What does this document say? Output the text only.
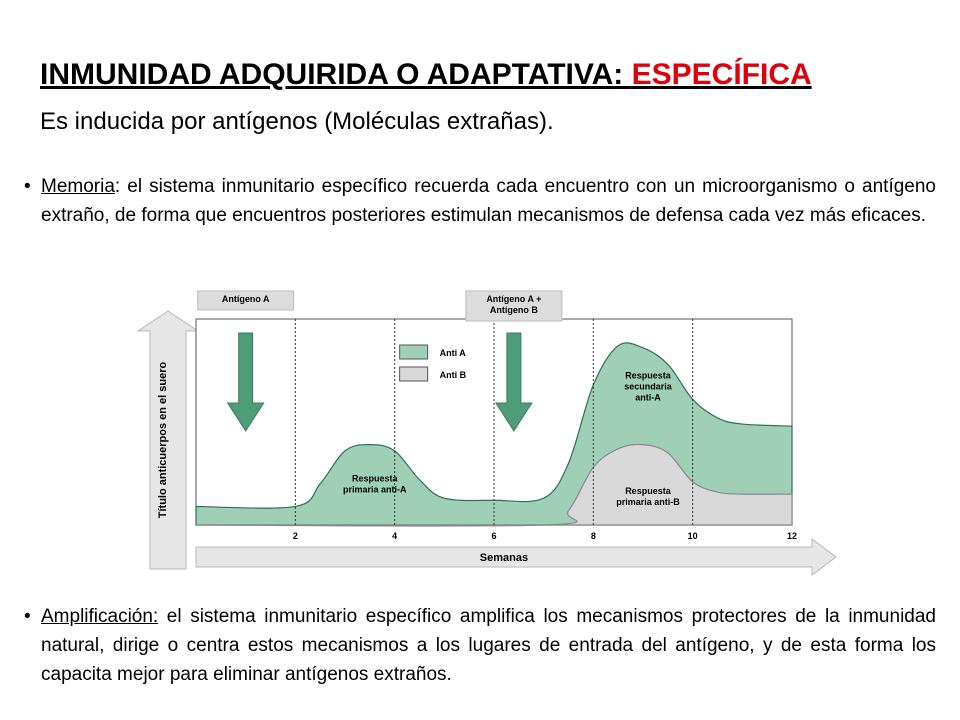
INMUNIDAD ADQUIRIDA O ADAPTATIVA: ESPECÍFICA
Es inducida por antígenos (Moléculas extrañas).
• Memoria: el sistema inmunitario específico recuerda cada encuentro con un microorganismo o antígeno extraño, de forma que encuentros posteriores estimulan mecanismos de defensa cada vez más eficaces.
Título anticuerpos en el suero
Semanas
2	4	6	8	10	12
Antígeno A	Antígeno A +
Antígeno B
Anti A
Anti B
Respuesta
primaria anti-A
Respuesta
secundaria
anti-A
Respuesta
primaria anti-B
• Amplificación: el sistema inmunitario específico amplifica los mecanismos protectores de la inmunidad natural, dirige o centra estos mecanismos a los lugares de entrada del antígeno, y de esta forma los capacita mejor para eliminar antígenos extraños.
